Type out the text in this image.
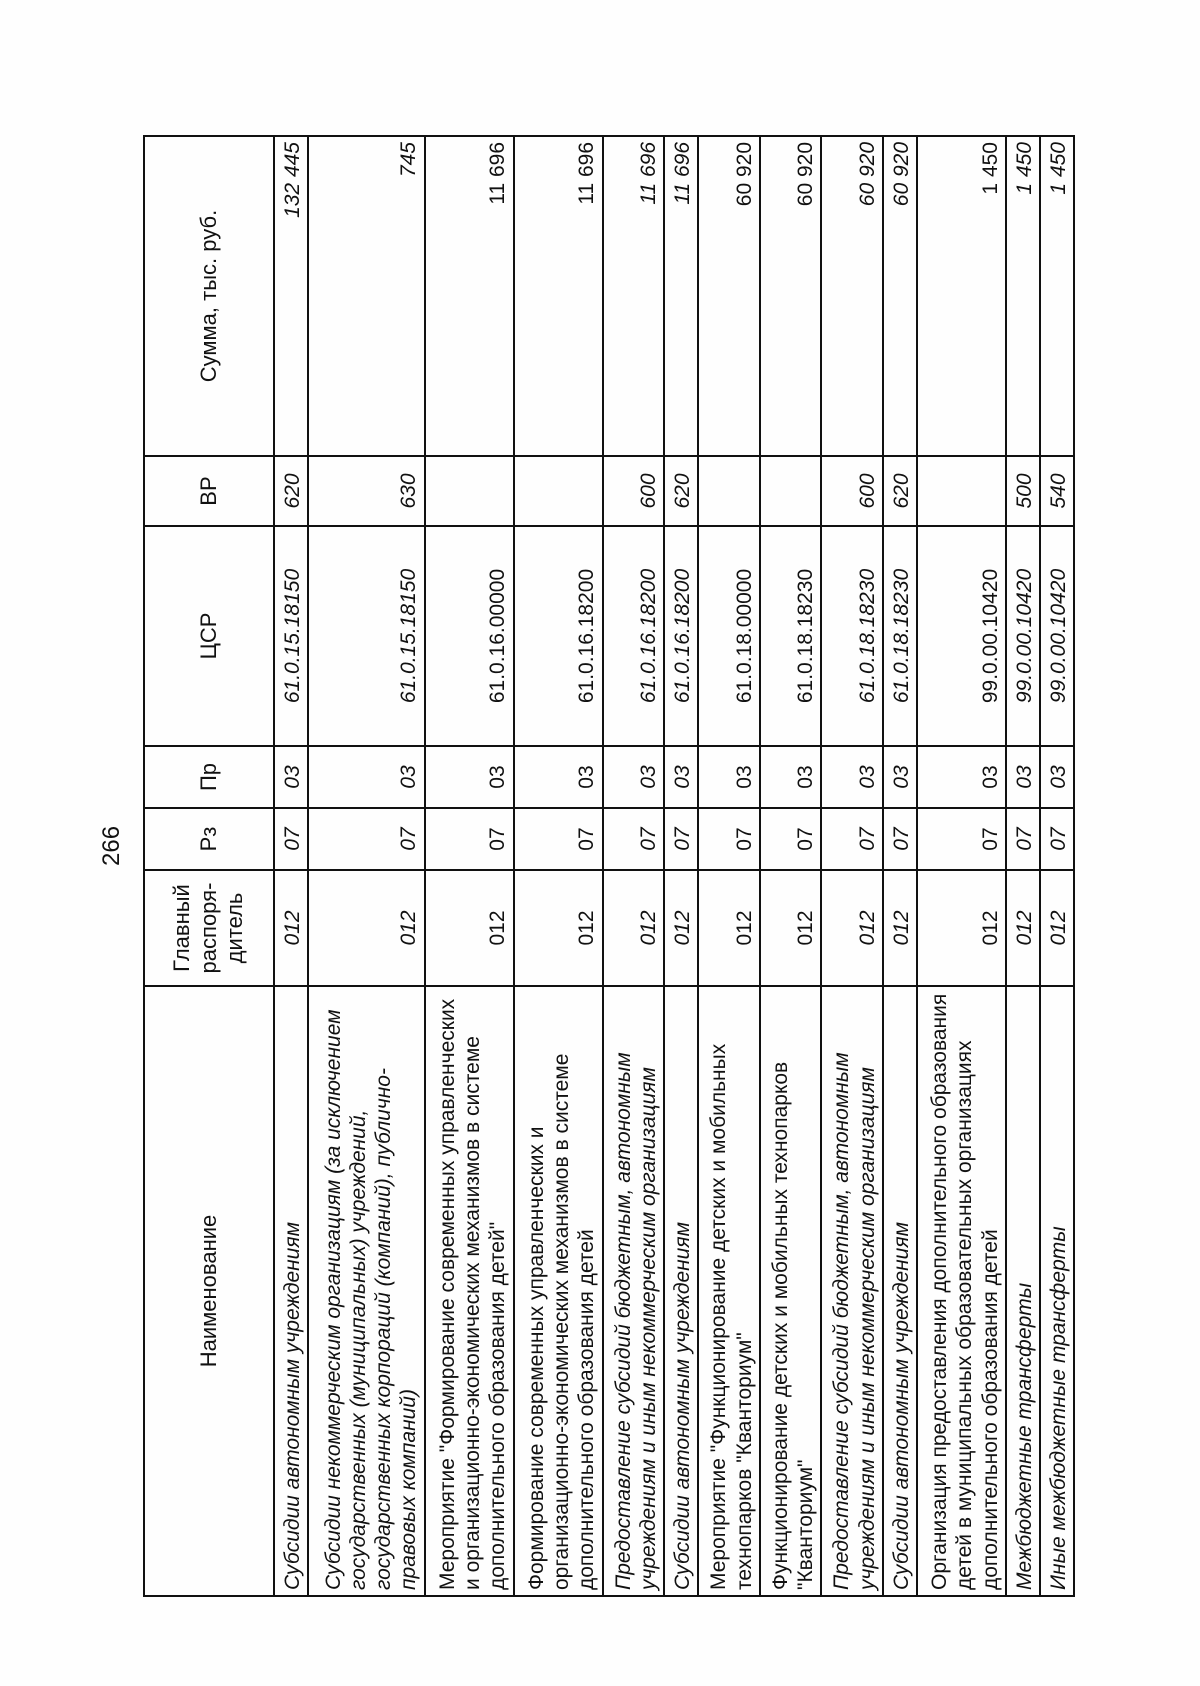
266
Наименование	Главный распоря- дитель	Рз	Пр	ЦСР	ВР	Сумма, тыс. руб.
Субсидии автономным учреждениям	012	07	03	61.0.15.18150	620	132 445
Субсидии некоммерческим организациям (за исключением государственных (муниципальных) учреждений, государственных корпораций (компаний), публично-правовых компаний)	012	07	03	61.0.15.18150	630	745
Мероприятие "Формирование современных управленческих и организационно-экономических механизмов в системе дополнительного образования детей"	012	07	03	61.0.16.00000		11 696
Формирование современных управленческих и организационно-экономических механизмов в системе дополнительного образования детей	012	07	03	61.0.16.18200		11 696
Предоставление субсидий бюджетным, автономным учреждениям и иным некоммерческим организациям	012	07	03	61.0.16.18200	600	11 696
Субсидии автономным учреждениям	012	07	03	61.0.16.18200	620	11 696
Мероприятие "Функционирование детских и мобильных технопарков "Кванториум"	012	07	03	61.0.18.00000		60 920
Функционирование детских и мобильных технопарков "Кванториум"	012	07	03	61.0.18.18230		60 920
Предоставление субсидий бюджетным, автономным учреждениям и иным некоммерческим организациям	012	07	03	61.0.18.18230	600	60 920
Субсидии автономным учреждениям	012	07	03	61.0.18.18230	620	60 920
Организация предоставления дополнительного образования детей в муниципальных образовательных организациях дополнительного образования детей	012	07	03	99.0.00.10420		1 450
Межбюджетные трансферты	012	07	03	99.0.00.10420	500	1 450
Иные межбюджетные трансферты	012	07	03	99.0.00.10420	540	1 450
